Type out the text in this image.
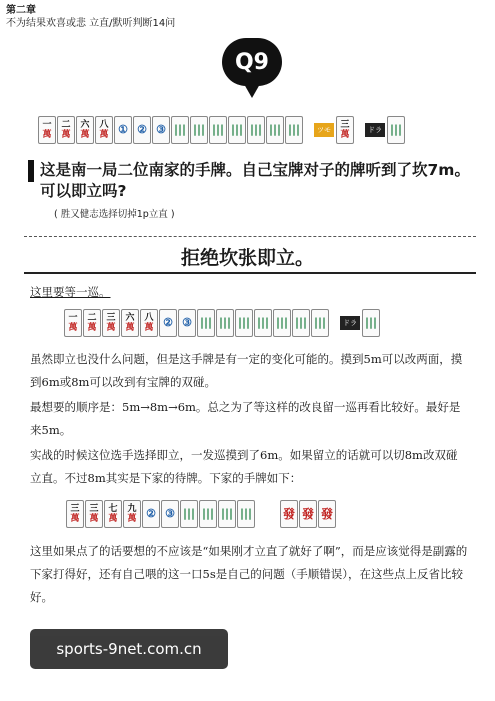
第二章
不为结果欢喜或悲 立直/默听判断14问
Q9
一
萬
二
萬
六
萬
八
萬 ① ② ③ ||| ||| ||| ||| ||| ||| |||	ツモ	三
萬	ドラ |||
这是南一局二位南家的手牌。自己宝牌对子的牌听到了坎7m。可以即立吗?
( 胜又健志选择切掉1p立直 )
拒绝坎张即立。
这里要等一巡。
一
萬
二
萬
三
萬
六
萬
八
萬 ② ③ ||| ||| ||| ||| ||| ||| |||	ドラ |||
虽然即立也没什么问题，但是这手牌是有一定的变化可能的。摸到5m可以改两面，摸到6m或8m可以改到有宝牌的双碰。
最想要的顺序是：5m→8m→6m。总之为了等这样的改良留一巡再看比较好。最好是来5m。
实战的时候这位选手选择即立，一发巡摸到了6m。如果留立的话就可以切8m改双碰立直。不过8m其实是下家的待牌。下家的手牌如下：
三
萬
三
萬
七
萬
九
萬 ② ③ ||| ||| ||| |||	發 發 發
这里如果点了的话要想的不应该是“如果刚才立直了就好了啊”，而是应该觉得是副露的下家打得好，还有自己喂的这一口5s是自己的问题（手顺错误），在这些点上反省比较好。
sports-9net.com.cn
